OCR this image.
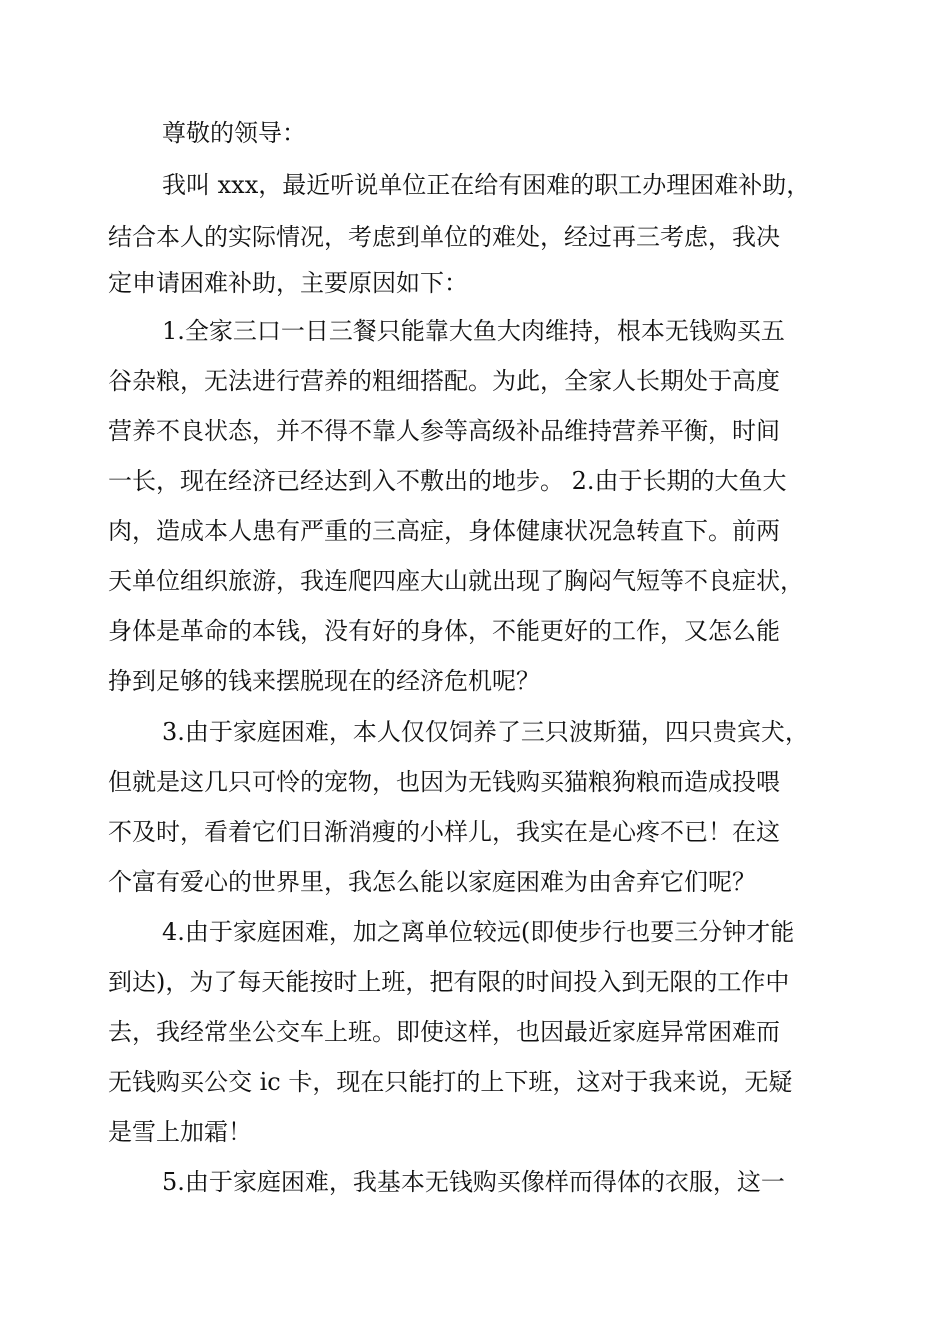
尊敬的领导：

我叫 xxx，最近听说单位正在给有困难的职工办理困难补助，

结合本人的实际情况，考虑到单位的难处，经过再三考虑，我决

定申请困难补助，主要原因如下：

1.全家三口一日三餐只能靠大鱼大肉维持，根本无钱购买五

谷杂粮，无法进行营养的粗细搭配。为此，全家人长期处于高度

营养不良状态，并不得不靠人参等高级补品维持营养平衡，时间

一长，现在经济已经达到入不敷出的地步。 2.由于长期的大鱼大

肉，造成本人患有严重的三高症，身体健康状况急转直下。前两

天单位组织旅游，我连爬四座大山就出现了胸闷气短等不良症状，

身体是革命的本钱，没有好的身体，不能更好的工作，又怎么能

挣到足够的钱来摆脱现在的经济危机呢？

3.由于家庭困难，本人仅仅饲养了三只波斯猫，四只贵宾犬，

但就是这几只可怜的宠物，也因为无钱购买猫粮狗粮而造成投喂

不及时，看着它们日渐消瘦的小样儿，我实在是心疼不已！在这

个富有爱心的世界里，我怎么能以家庭困难为由舍弃它们呢？

4.由于家庭困难，加之离单位较远(即使步行也要三分钟才能

到达)，为了每天能按时上班，把有限的时间投入到无限的工作中

去，我经常坐公交车上班。即使这样，也因最近家庭异常困难而

无钱购买公交 ic 卡，现在只能打的上下班，这对于我来说，无疑

是雪上加霜！

5.由于家庭困难，我基本无钱购买像样而得体的衣服，这一
